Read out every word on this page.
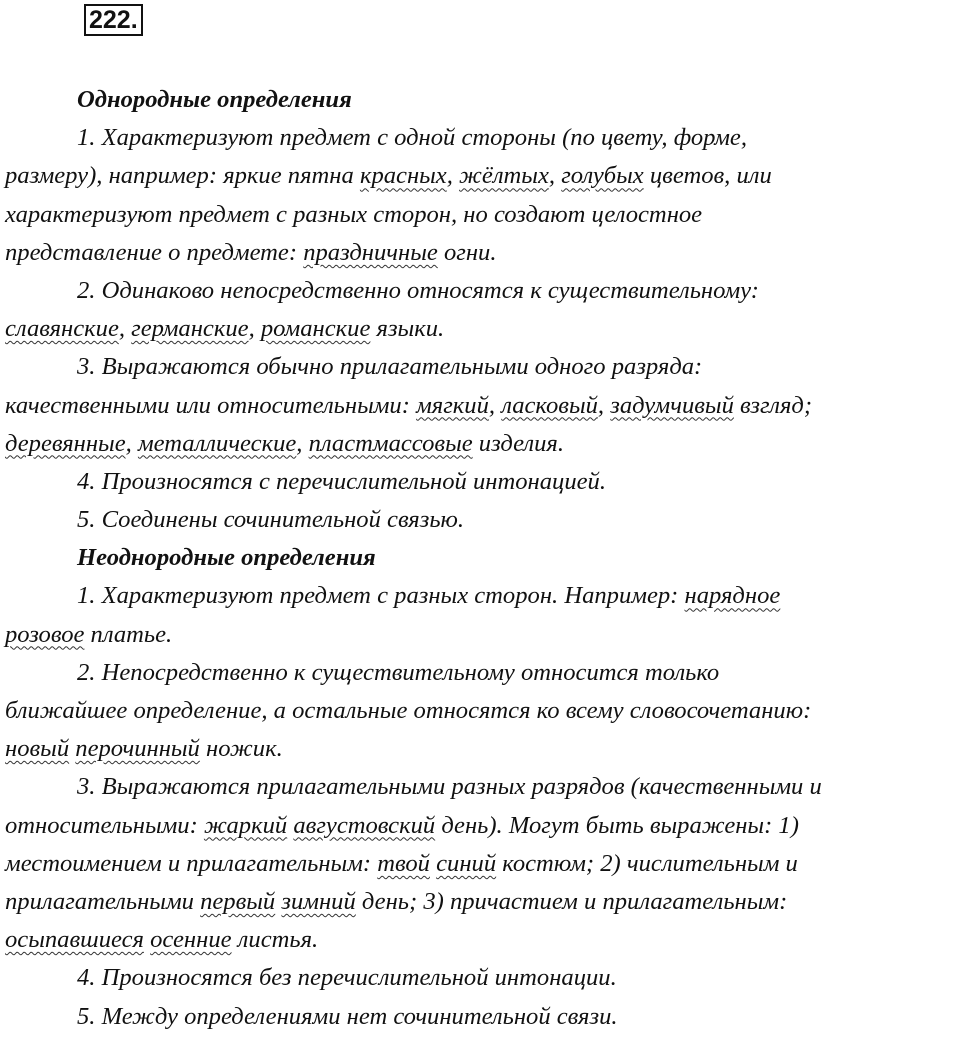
222.
Однородные определения
1. Характеризуют предмет с одной стороны (по цвету, форме,
размеру), например: яркие пятна красных, жёлтых, голубых цветов, или
характеризуют предмет с разных сторон, но создают целостное
представление о предмете: праздничные огни.
2. Одинаково непосредственно относятся к существительному:
славянские, германские, романские языки.
3. Выражаются обычно прилагательными одного разряда:
качественными или относительными: мягкий, ласковый, задумчивый взгляд;
деревянные, металлические, пластмассовые изделия.
4. Произносятся с перечислительной интонацией.
5. Соединены сочинительной связью.
Неоднородные определения
1. Характеризуют предмет с разных сторон. Например: нарядное
розовое платье.
2. Непосредственно к существительному относится только
ближайшее определение, а остальные относятся ко всему словосочетанию:
новый перочинный ножик.
3. Выражаются прилагательными разных разрядов (качественными и
относительными: жаркий августовский день). Могут быть выражены: 1)
местоимением и прилагательным: твой синий костюм; 2) числительным и
прилагательными первый зимний день; 3) причастием и прилагательным:
осыпавшиеся осенние листья.
4. Произносятся без перечислительной интонации.
5. Между определениями нет сочинительной связи.
